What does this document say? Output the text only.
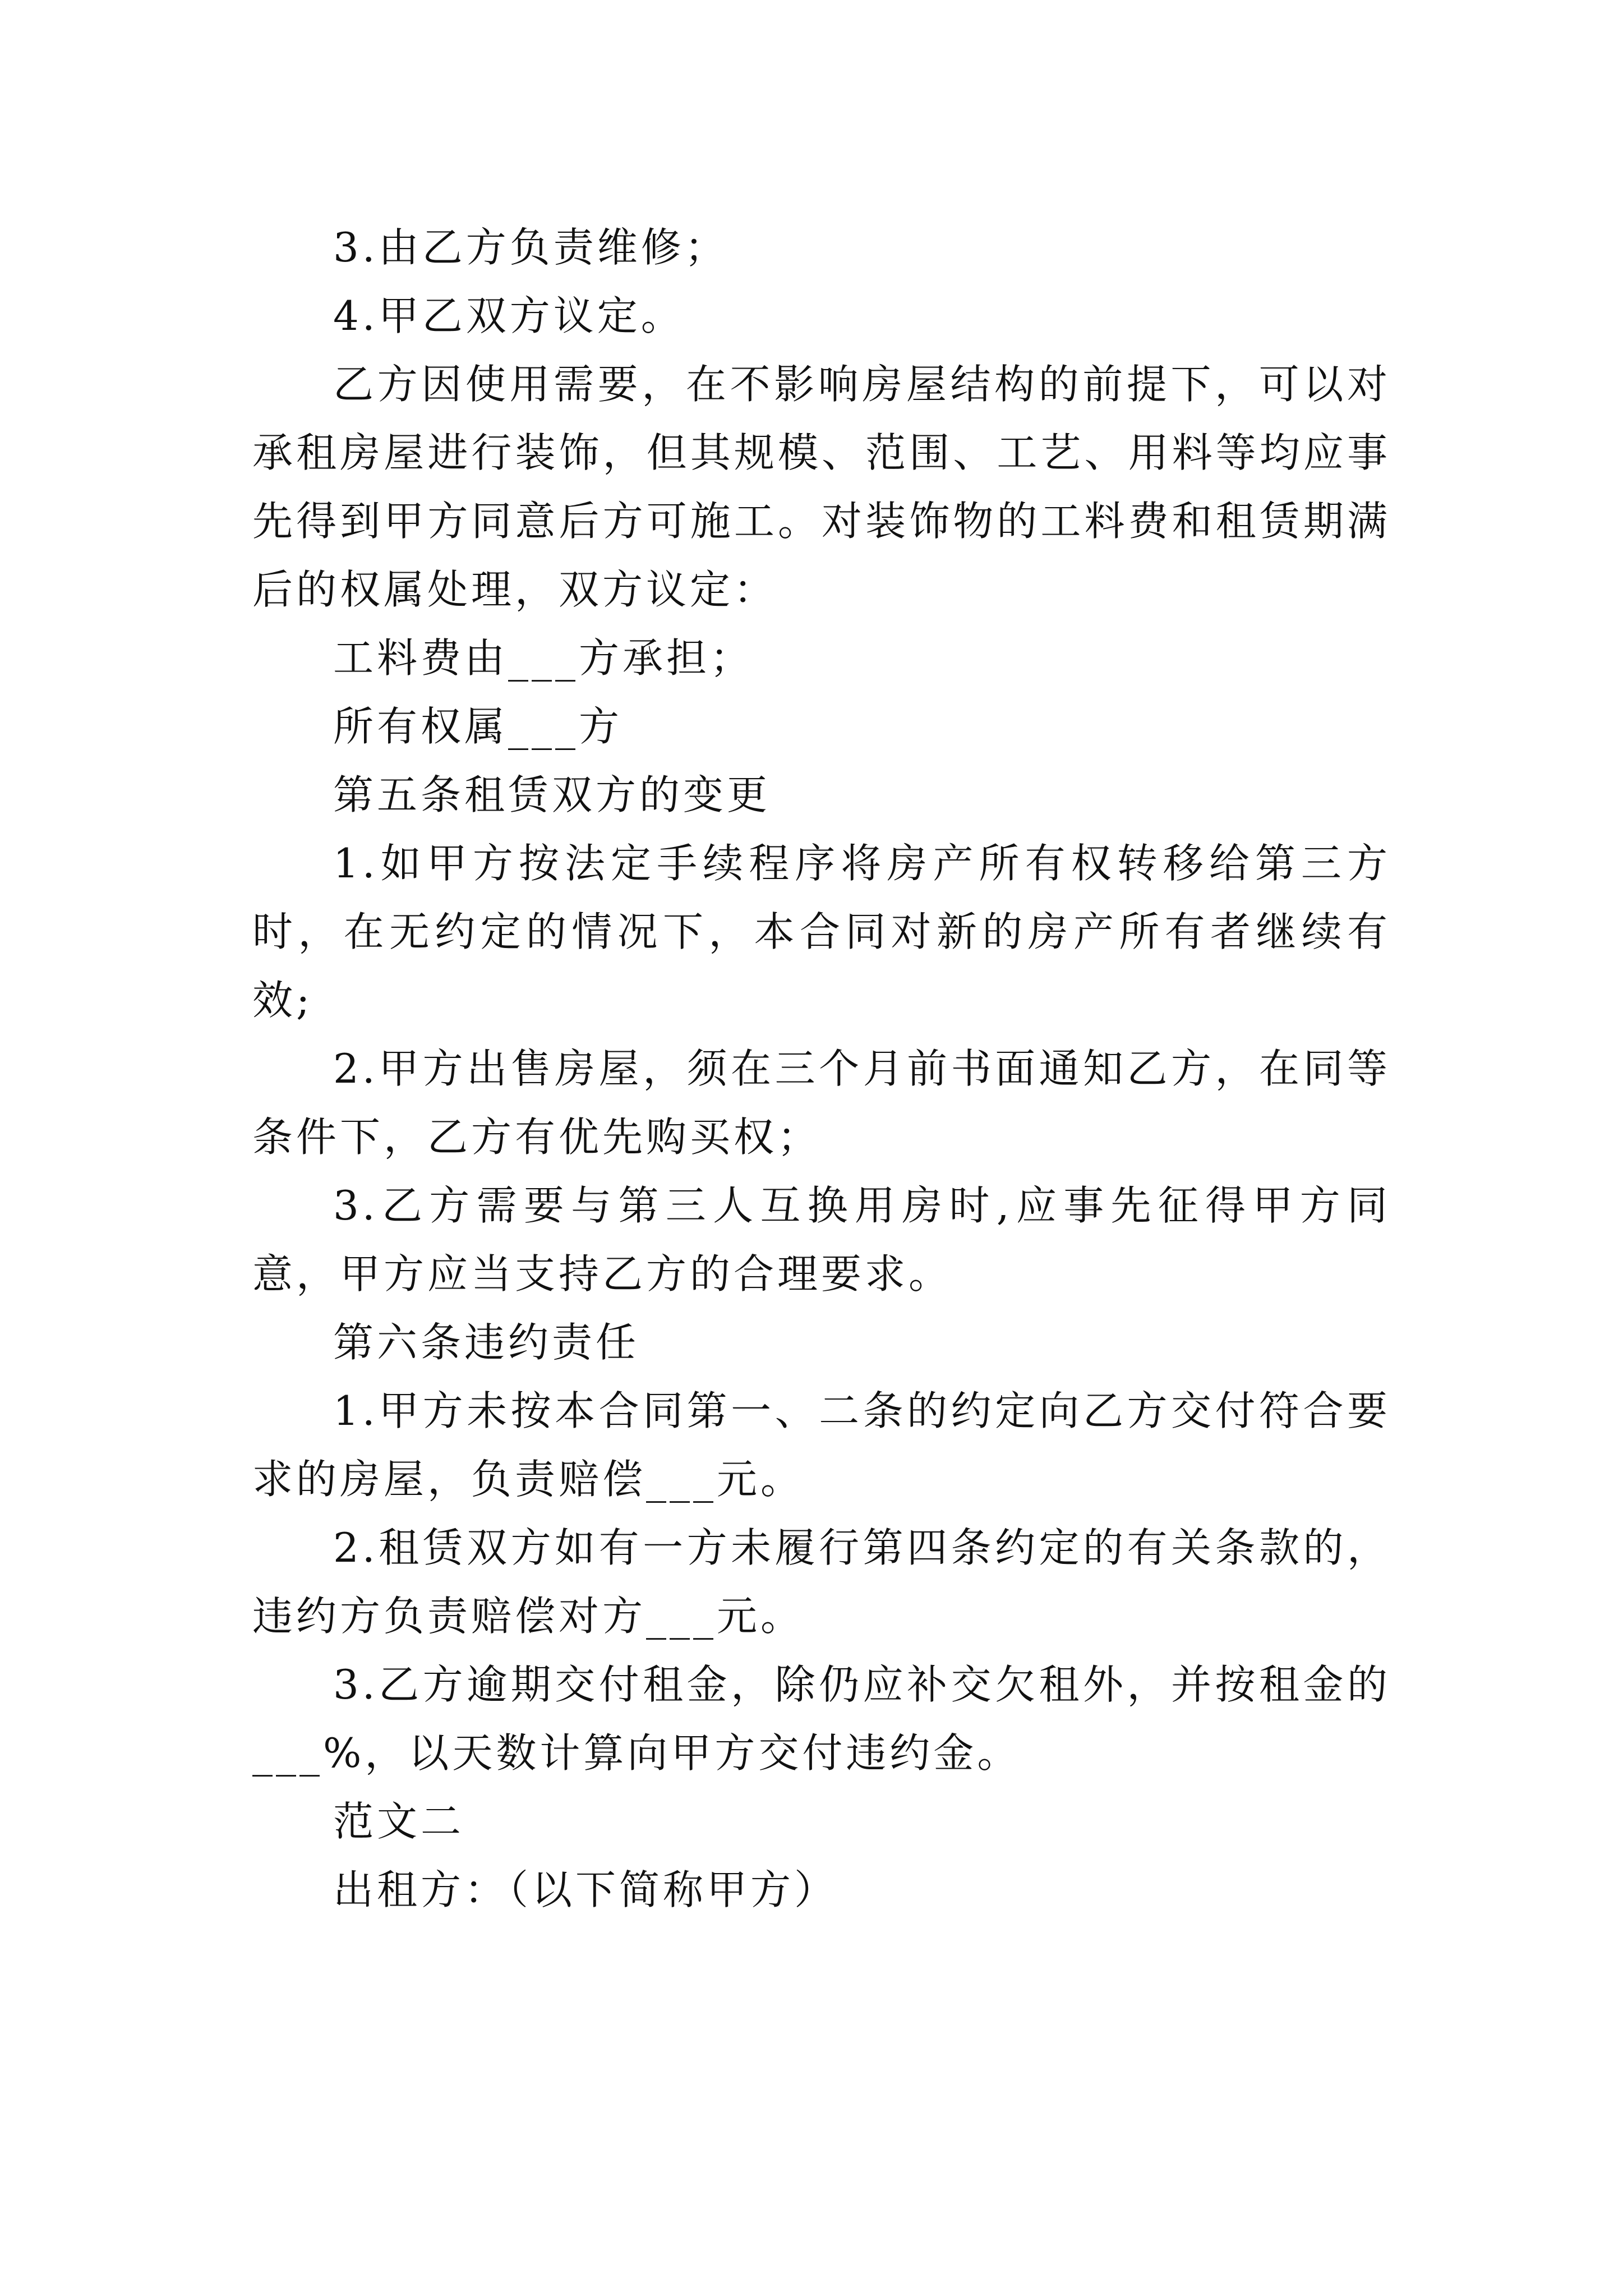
3.由乙方负责维修；

4.甲乙双方议定。

乙方因使用需要，在不影响房屋结构的前提下，可以对承租房屋进行装饰，但其规模、范围、工艺、用料等均应事先得到甲方同意后方可施工。对装饰物的工料费和租赁期满后的权属处理，双方议定：

工料费由___方承担；

所有权属___方

第五条租赁双方的变更

1.如甲方按法定手续程序将房产所有权转移给第三方时，在无约定的情况下，本合同对新的房产所有者继续有效;

2.甲方出售房屋，须在三个月前书面通知乙方，在同等条件下，乙方有优先购买权；

3.乙方需要与第三人互换用房时,应事先征得甲方同意，甲方应当支持乙方的合理要求。

第六条违约责任

1.甲方未按本合同第一、二条的约定向乙方交付符合要求的房屋，负责赔偿___元。

2.租赁双方如有一方未履行第四条约定的有关条款的，违约方负责赔偿对方___元。

3.乙方逾期交付租金，除仍应补交欠租外，并按租金的___%，以天数计算向甲方交付违约金。

范文二

出租方：（以下简称甲方）
